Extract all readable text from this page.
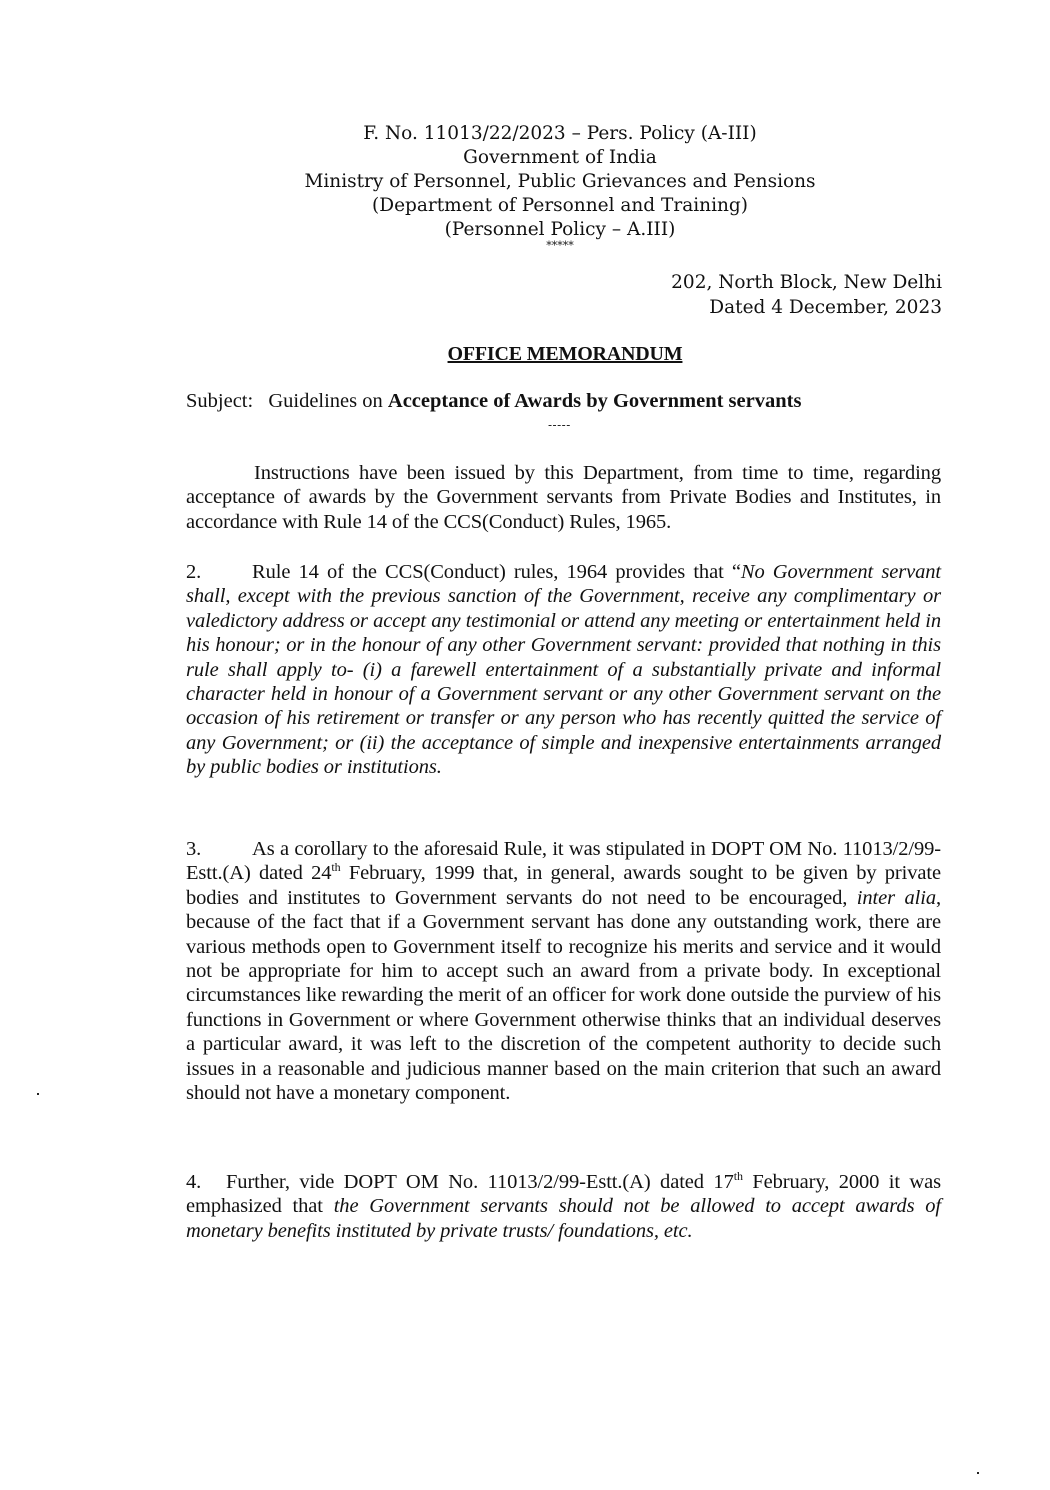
F. No. 11013/22/2023 – Pers. Policy (A-III)
Government of India
Ministry of Personnel, Public Grievances and Pensions
(Department of Personnel and Training)
(Personnel Policy – A.III)
*****
202, North Block, New Delhi
Dated 4 December, 2023
OFFICE MEMORANDUM
Subject: Guidelines on Acceptance of Awards by Government servants
-----
Instructions have been issued by this Department, from time to time, regarding acceptance of awards by the Government servants from Private Bodies and Institutes, in accordance with Rule 14 of the CCS(Conduct) Rules, 1965.
2. Rule 14 of the CCS(Conduct) rules, 1964 provides that “No Government servant shall, except with the previous sanction of the Government, receive any complimentary or valedictory address or accept any testimonial or attend any meeting or entertainment held in his honour; or in the honour of any other Government servant: provided that nothing in this rule shall apply to- (i) a farewell entertainment of a substantially private and informal character held in honour of a Government servant or any other Government servant on the occasion of his retirement or transfer or any person who has recently quitted the service of any Government; or (ii) the acceptance of simple and inexpensive entertainments arranged by public bodies or institutions.
3. As a corollary to the aforesaid Rule, it was stipulated in DOPT OM No. 11013/2/99-Estt.(A) dated 24th February, 1999 that, in general, awards sought to be given by private bodies and institutes to Government servants do not need to be encouraged, inter alia, because of the fact that if a Government servant has done any outstanding work, there are various methods open to Government itself to recognize his merits and service and it would not be appropriate for him to accept such an award from a private body. In exceptional circumstances like rewarding the merit of an officer for work done outside the purview of his functions in Government or where Government otherwise thinks that an individual deserves a particular award, it was left to the discretion of the competent authority to decide such issues in a reasonable and judicious manner based on the main criterion that such an award should not have a monetary component.
4. Further, vide DOPT OM No. 11013/2/99-Estt.(A) dated 17th February, 2000 it was emphasized that the Government servants should not be allowed to accept awards of monetary benefits instituted by private trusts/ foundations, etc.
